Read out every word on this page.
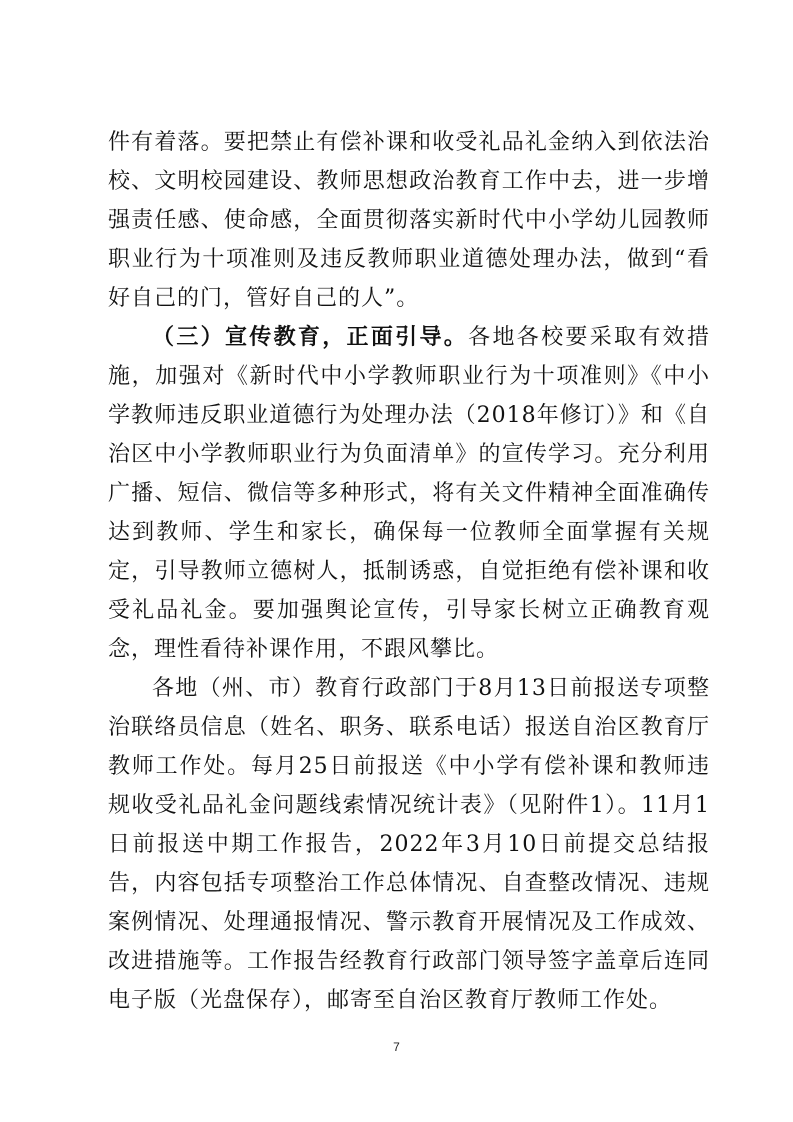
件有着落。要把禁止有偿补课和收受礼品礼金纳入到依法治校、文明校园建设、教师思想政治教育工作中去，进一步增强责任感、使命感，全面贯彻落实新时代中小学幼儿园教师职业行为十项准则及违反教师职业道德处理办法，做到“看好自己的门，管好自己的人”。

（三）宣传教育，正面引导。各地各校要采取有效措施，加强对《新时代中小学教师职业行为十项准则》《中小学教师违反职业道德行为处理办法（2018年修订）》和《自治区中小学教师职业行为负面清单》的宣传学习。充分利用广播、短信、微信等多种形式，将有关文件精神全面准确传达到教师、学生和家长，确保每一位教师全面掌握有关规定，引导教师立德树人，抵制诱惑，自觉拒绝有偿补课和收受礼品礼金。要加强舆论宣传，引导家长树立正确教育观念，理性看待补课作用，不跟风攀比。

各地（州、市）教育行政部门于8月13日前报送专项整治联络员信息（姓名、职务、联系电话）报送自治区教育厅教师工作处。每月25日前报送《中小学有偿补课和教师违规收受礼品礼金问题线索情况统计表》（见附件1）。11月1日前报送中期工作报告，2022年3月10日前提交总结报告，内容包括专项整治工作总体情况、自查整改情况、违规案例情况、处理通报情况、警示教育开展情况及工作成效、改进措施等。工作报告经教育行政部门领导签字盖章后连同电子版（光盘保存），邮寄至自治区教育厅教师工作处。

7
